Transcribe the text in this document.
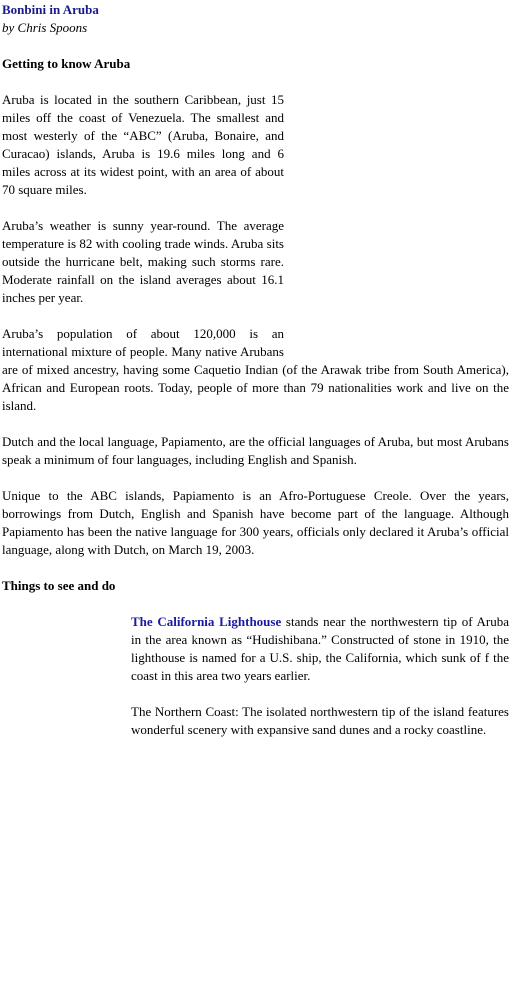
Bonbini in Aruba

by Chris Spoons

Getting to know Aruba

Aruba is located in the southern Caribbean, just 15 miles off the coast of Venezuela. The smallest and most westerly of the “ABC” (Aruba, Bonaire, and Curacao) islands, Aruba is 19.6 miles long and 6 miles across at its widest point, with an area of about 70 square miles.

Aruba’s weather is sunny year-round. The average temperature is 82 with cooling trade winds. Aruba sits outside the hurricane belt, making such storms rare. Moderate rainfall on the island averages about 16.1 inches per year.

Aruba’s population of about 120,000 is an international mixture of people. Many native Arubans are of mixed ancestry, having some Caquetio Indian (of the Arawak tribe from South America), African and European roots. Today, people of more than 79 nationalities work and live on the island.

Dutch and the local language, Papiamento, are the official languages of Aruba, but most Arubans speak a minimum of four languages, including English and Spanish.

Unique to the ABC islands, Papiamento is an Afro-Portuguese Creole. Over the years, borrowings from Dutch, English and Spanish have become part of the language. Although Papiamento has been the native language for 300 years, officials only declared it Aruba’s official language, along with Dutch, on March 19, 2003.

Things to see and do

The California Lighthouse stands near the northwestern tip of Aruba in the area known as “Hudishibana.” Constructed of stone in 1910, the lighthouse is named for a U.S. ship, the California, which sunk of f the coast in this area two years earlier.

The Northern Coast: The isolated northwestern tip of the island features wonderful scenery with expansive sand dunes and a rocky coastline.
